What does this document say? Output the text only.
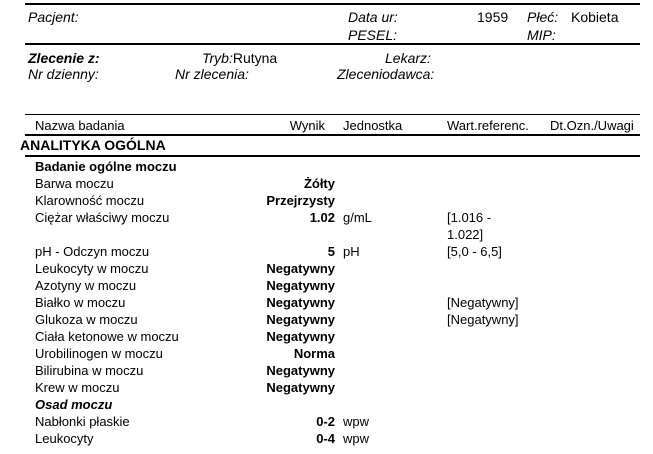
Pacjent:	Data ur:	1959 Płeć: Kobieta
PESEL:	MIP:
Zlecenie z:	Tryb:Rutyna	Lekarz:
Nr dzienny:	Nr zlecenia:	Zleceniodawca:
Nazwa badania	Wynik	Jednostka	Wart.referenc.	Dt.Ozn./Uwagi
ANALITYKA OGÓLNA
Badanie ogólne moczu
Barwa moczu	Żółty
Klarowność moczu	Przejrzysty
Ciężar właściwy moczu	1.02 g/mL	[1.016 - 1.022]
pH - Odczyn moczu	5 pH	[5,0 - 6,5]
Leukocyty w moczu	Negatywny
Azotyny w moczu	Negatywny
Białko w moczu	Negatywny	[Negatywny]
Glukoza w moczu	Negatywny	[Negatywny]
Ciała ketonowe w moczu	Negatywny
Urobilinogen w moczu	Norma
Bilirubina w moczu	Negatywny
Krew w moczu	Negatywny
Osad moczu
Nabłonki płaskie	0-2 wpw
Leukocyty	0-4 wpw
